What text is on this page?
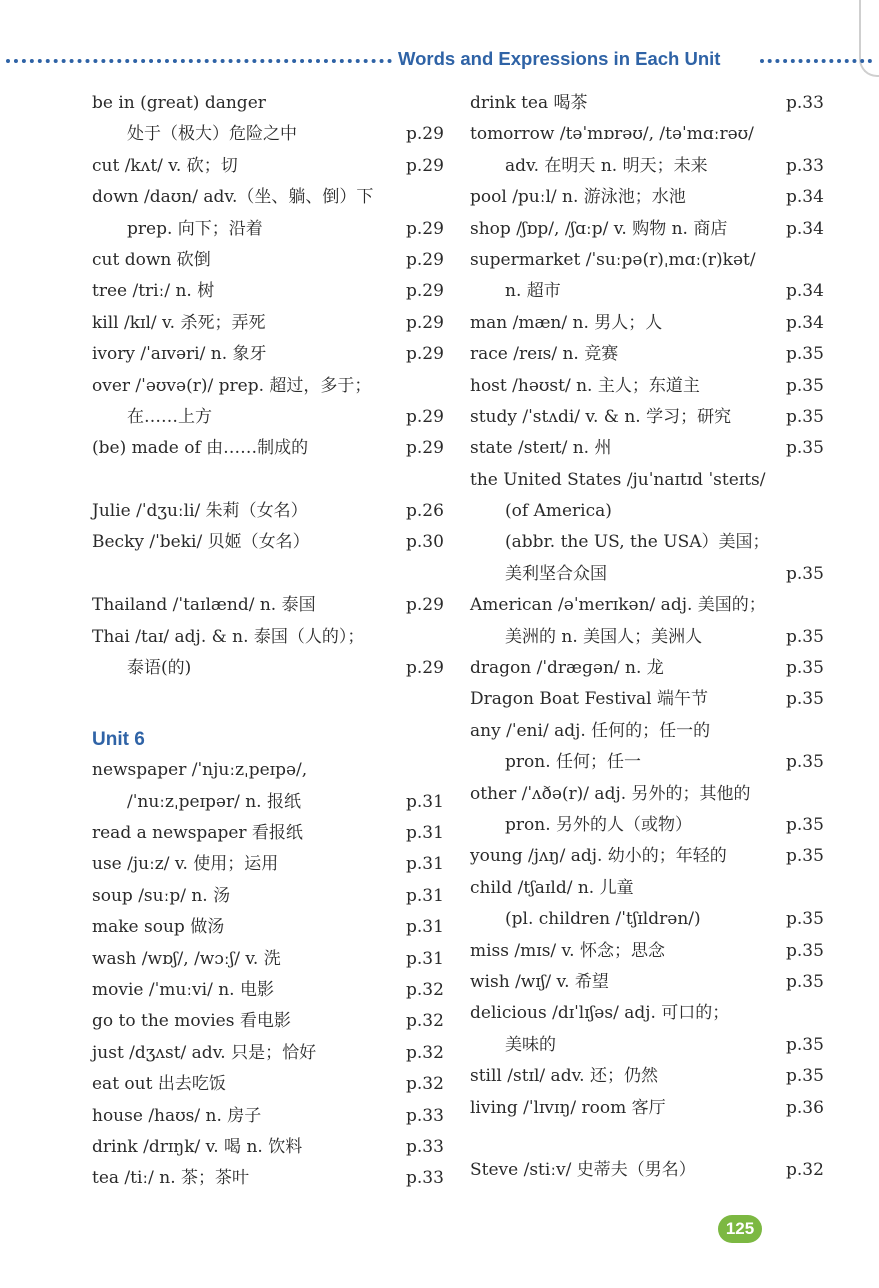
Words and Expressions in Each Unit
be in (great) danger
处于（极大）危险之中	p.29
cut /kʌt/ v. 砍；切	p.29
down /daʊn/ adv.（坐、躺、倒）下
prep. 向下；沿着	p.29
cut down 砍倒	p.29
tree /triː/ n. 树	p.29
kill /kɪl/ v. 杀死；弄死	p.29
ivory /ˈaɪvəri/ n. 象牙	p.29
over /ˈəʊvə(r)/ prep. 超过，多于；
在……上方	p.29
(be) made of 由……制成的	p.29
Julie /ˈdʒuːli/ 朱莉（女名）	p.26
Becky /ˈbeki/ 贝姬（女名）	p.30
Thailand /ˈtaɪlænd/ n. 泰国	p.29
Thai /taɪ/ adj. & n. 泰国（人的）；
泰语(的)	p.29
Unit 6
newspaper /ˈnjuːzˌpeɪpə/,
/ˈnuːzˌpeɪpər/ n. 报纸	p.31
read a newspaper 看报纸	p.31
use /juːz/ v. 使用；运用	p.31
soup /suːp/ n. 汤	p.31
make soup 做汤	p.31
wash /wɒʃ/, /wɔːʃ/ v. 洗	p.31
movie /ˈmuːvi/ n. 电影	p.32
go to the movies 看电影	p.32
just /dʒʌst/ adv. 只是；恰好	p.32
eat out 出去吃饭	p.32
house /haʊs/ n. 房子	p.33
drink /drɪŋk/ v. 喝 n. 饮料	p.33
tea /tiː/ n. 茶；茶叶	p.33
drink tea 喝茶	p.33
tomorrow /təˈmɒrəʊ/, /təˈmɑːrəʊ/
adv. 在明天 n. 明天；未来	p.33
pool /puːl/ n. 游泳池；水池	p.34
shop /ʃɒp/, /ʃɑːp/ v. 购物 n. 商店	p.34
supermarket /ˈsuːpə(r)ˌmɑː(r)kət/
n. 超市	p.34
man /mæn/ n. 男人；人	p.34
race /reɪs/ n. 竞赛	p.35
host /həʊst/ n. 主人；东道主	p.35
study /ˈstʌdi/ v. & n. 学习；研究	p.35
state /steɪt/ n. 州	p.35
the United States /juˈnaɪtɪd ˈsteɪts/
(of America)
(abbr. the US, the USA）美国；
美利坚合众国	p.35
American /əˈmerɪkən/ adj. 美国的；
美洲的 n. 美国人；美洲人	p.35
dragon /ˈdræɡən/ n. 龙	p.35
Dragon Boat Festival 端午节	p.35
any /ˈeni/ adj. 任何的；任一的
pron. 任何；任一	p.35
other /ˈʌðə(r)/ adj. 另外的；其他的
pron. 另外的人（或物）	p.35
young /jʌŋ/ adj. 幼小的；年轻的	p.35
child /tʃaɪld/ n. 儿童
(pl. children /ˈtʃɪldrən/)	p.35
miss /mɪs/ v. 怀念；思念	p.35
wish /wɪʃ/ v. 希望	p.35
delicious /dɪˈlɪʃəs/ adj. 可口的；
美味的	p.35
still /stɪl/ adv. 还；仍然	p.35
living /ˈlɪvɪŋ/ room 客厅	p.36
Steve /stiːv/ 史蒂夫（男名）	p.32
125
